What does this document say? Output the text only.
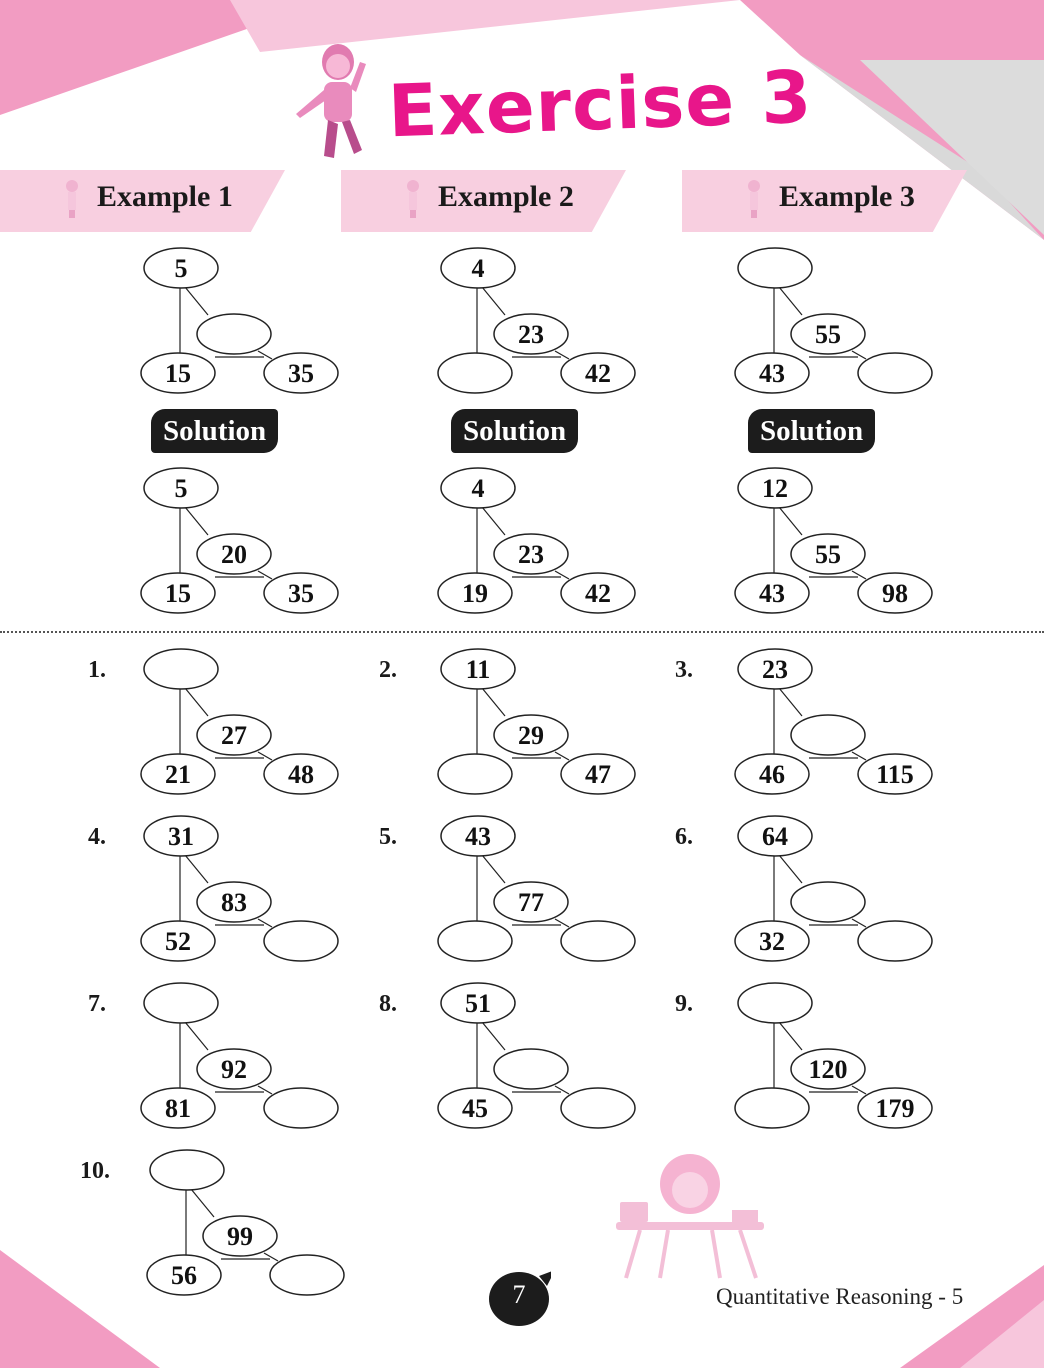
Exercise 3
Example 1	Example 2	Example 3
Solution	Solution	Solution
5
15	35
4
23
42
55
43
5
20
15	35
4
23
19	42
12
55
43	98
1.	2.	3.
4.	5.	6.
7.	8.	9.
10.
27
21	48
11
29
47
23
46	115
31
83
52
43
77
64
32
92
81
51
45
120
179
99
56
7	Quantitative Reasoning - 5
